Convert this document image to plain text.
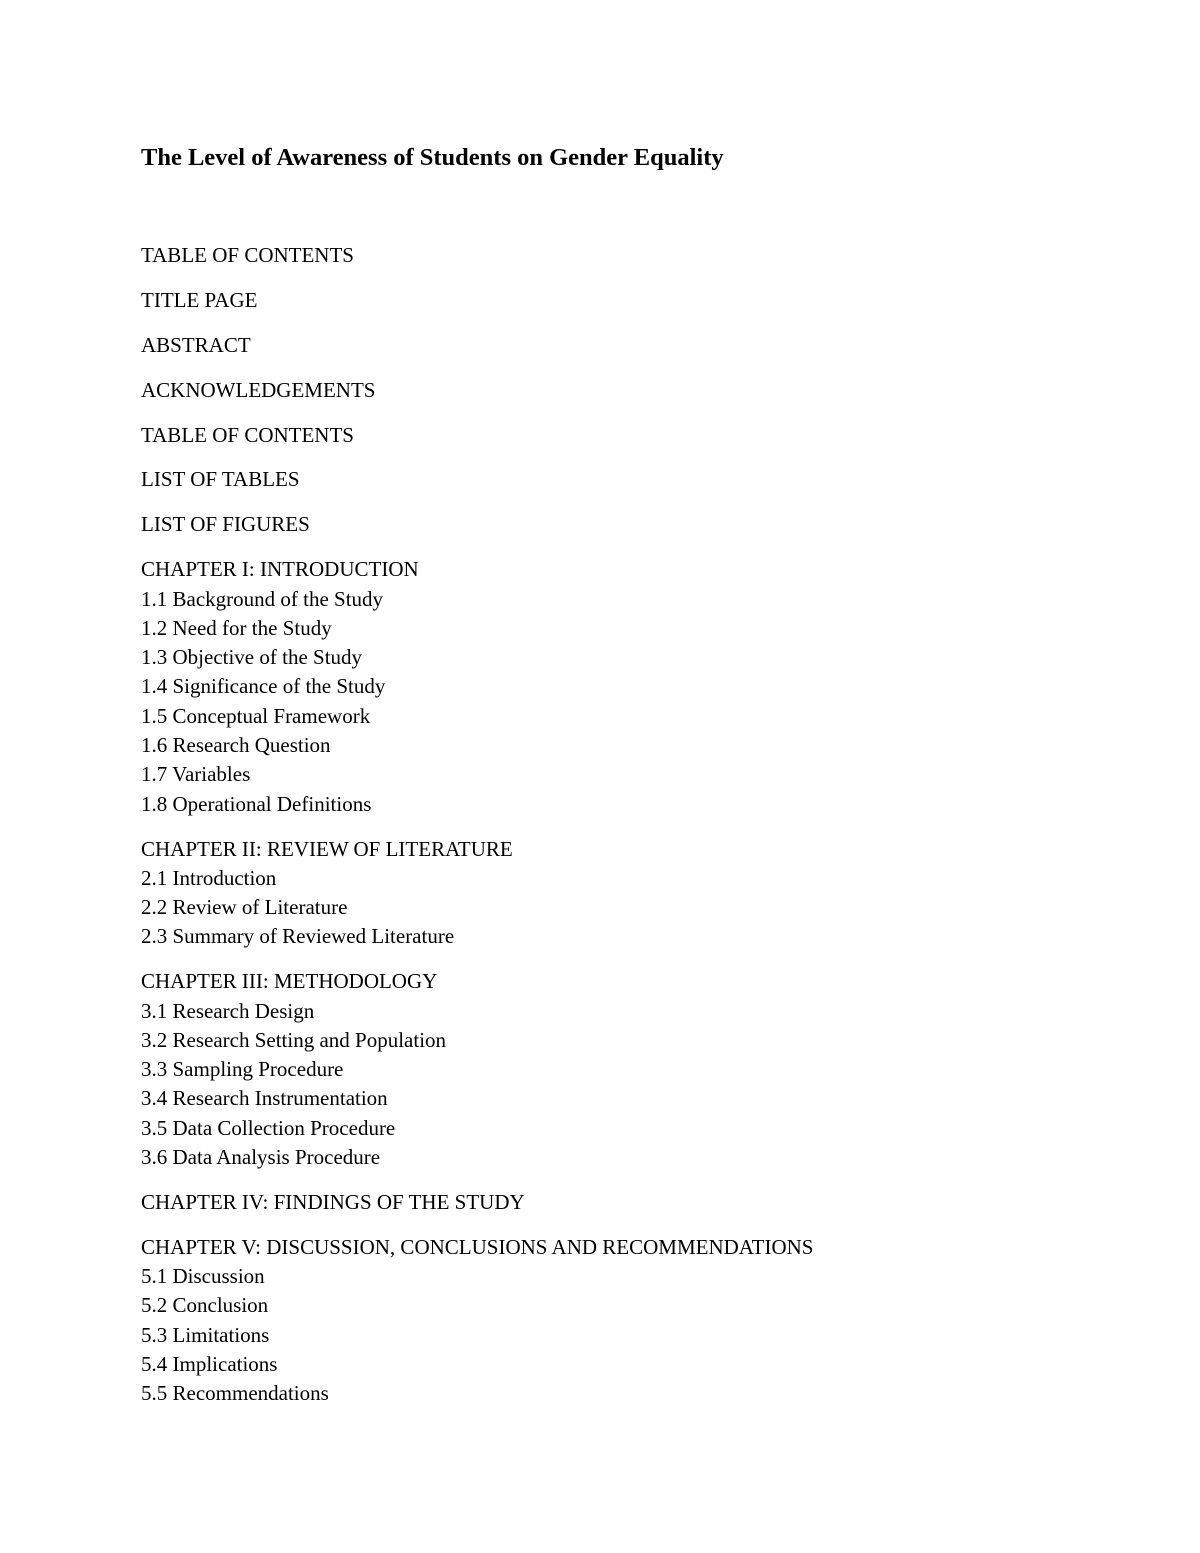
The Level of Awareness of Students on Gender Equality
TABLE OF CONTENTS
TITLE PAGE
ABSTRACT
ACKNOWLEDGEMENTS
TABLE OF CONTENTS
LIST OF TABLES
LIST OF FIGURES
CHAPTER I: INTRODUCTION
1.1 Background of the Study
1.2 Need for the Study
1.3 Objective of the Study
1.4 Significance of the Study
1.5 Conceptual Framework
1.6 Research Question
1.7 Variables
1.8 Operational Definitions
CHAPTER II: REVIEW OF LITERATURE
2.1 Introduction
2.2 Review of Literature
2.3 Summary of Reviewed Literature
CHAPTER III: METHODOLOGY
3.1 Research Design
3.2 Research Setting and Population
3.3 Sampling Procedure
3.4 Research Instrumentation
3.5 Data Collection Procedure
3.6 Data Analysis Procedure
CHAPTER IV: FINDINGS OF THE STUDY
CHAPTER V: DISCUSSION, CONCLUSIONS AND RECOMMENDATIONS
5.1 Discussion
5.2 Conclusion
5.3 Limitations
5.4 Implications
5.5 Recommendations
